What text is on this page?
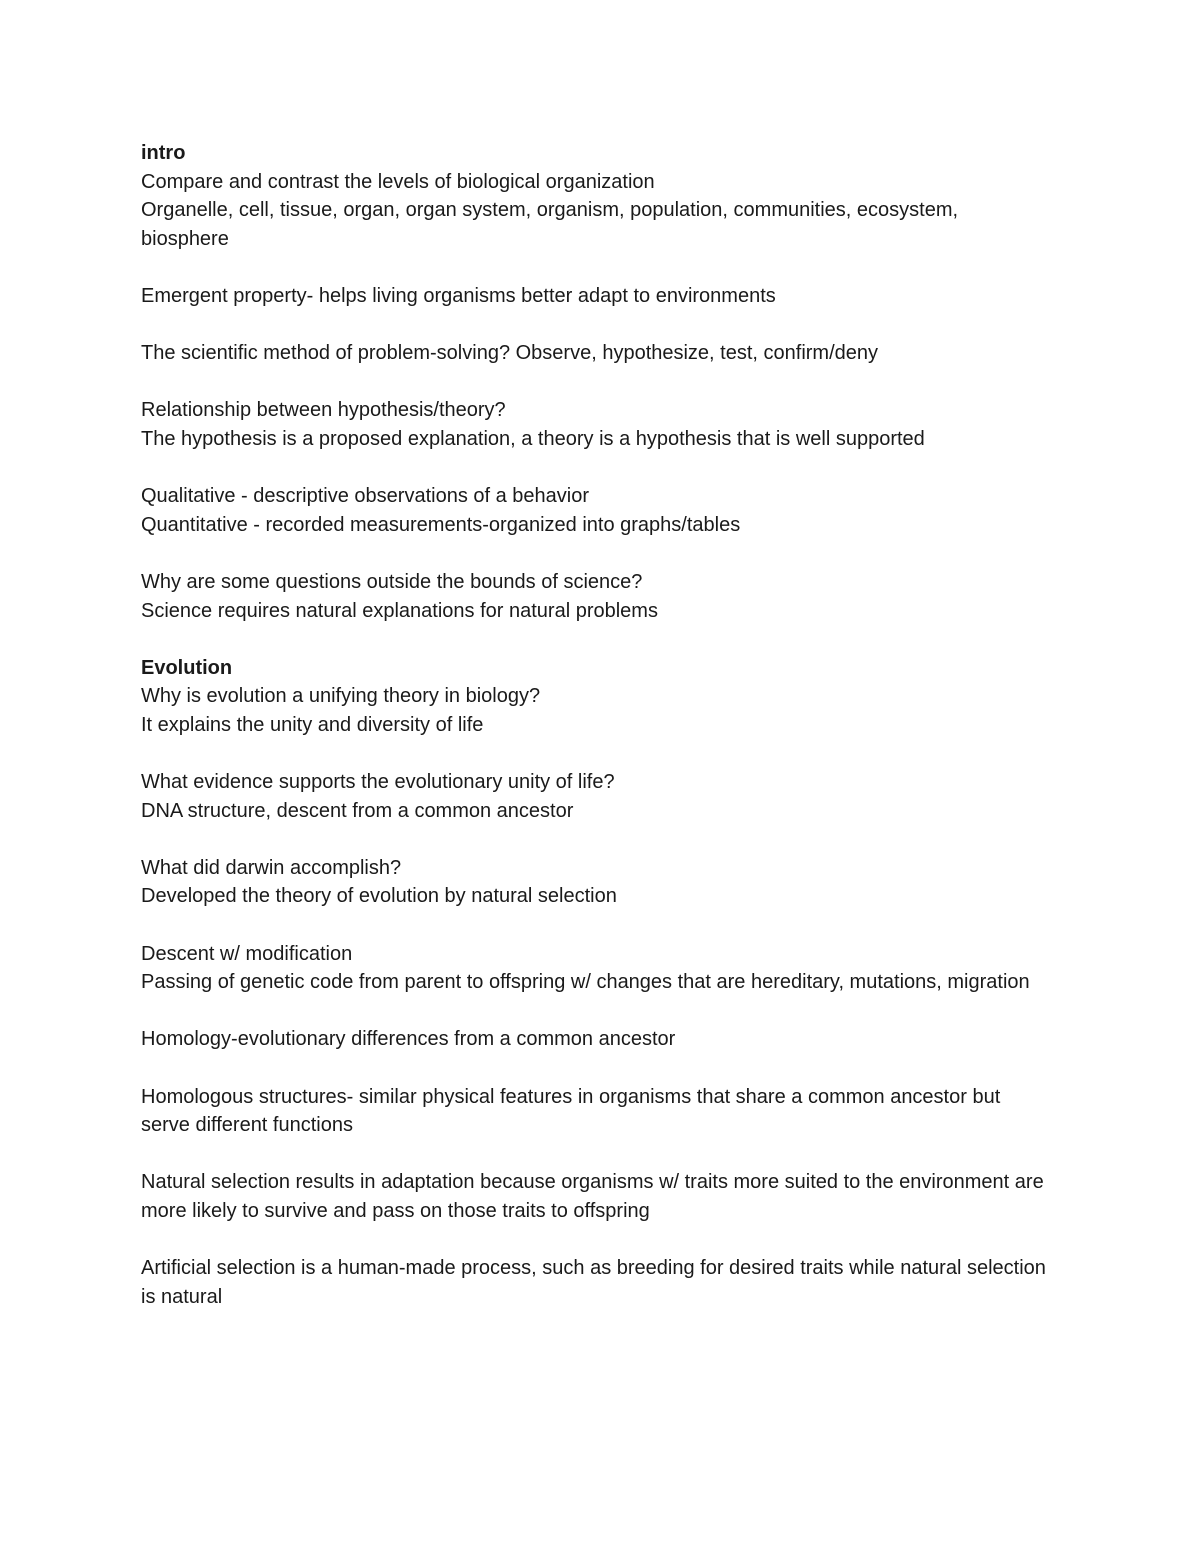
intro
Compare and contrast the levels of biological organization
Organelle, cell, tissue, organ, organ system, organism, population, communities, ecosystem, biosphere
Emergent property- helps living organisms better adapt to environments
The scientific method of problem-solving? Observe, hypothesize, test, confirm/deny
Relationship between hypothesis/theory?
The hypothesis is a proposed explanation, a theory is a hypothesis that is well supported
Qualitative - descriptive observations of a behavior
Quantitative - recorded measurements-organized into graphs/tables
Why are some questions outside the bounds of science?
Science requires natural explanations for natural problems
Evolution
Why is evolution a unifying theory in biology?
It explains the unity and diversity of life
What evidence supports the evolutionary unity of life?
DNA structure, descent from a common ancestor
What did darwin accomplish?
Developed the theory of evolution by natural selection
Descent w/ modification
Passing of genetic code from parent to offspring w/ changes that are hereditary, mutations, migration
Homology-evolutionary differences from a common ancestor
Homologous structures- similar physical features in organisms that share a common ancestor but serve different functions
Natural selection results in adaptation because organisms w/ traits more suited to the environment are more likely to survive and pass on those traits to offspring
Artificial selection is a human-made process, such as breeding for desired traits while natural selection is natural
